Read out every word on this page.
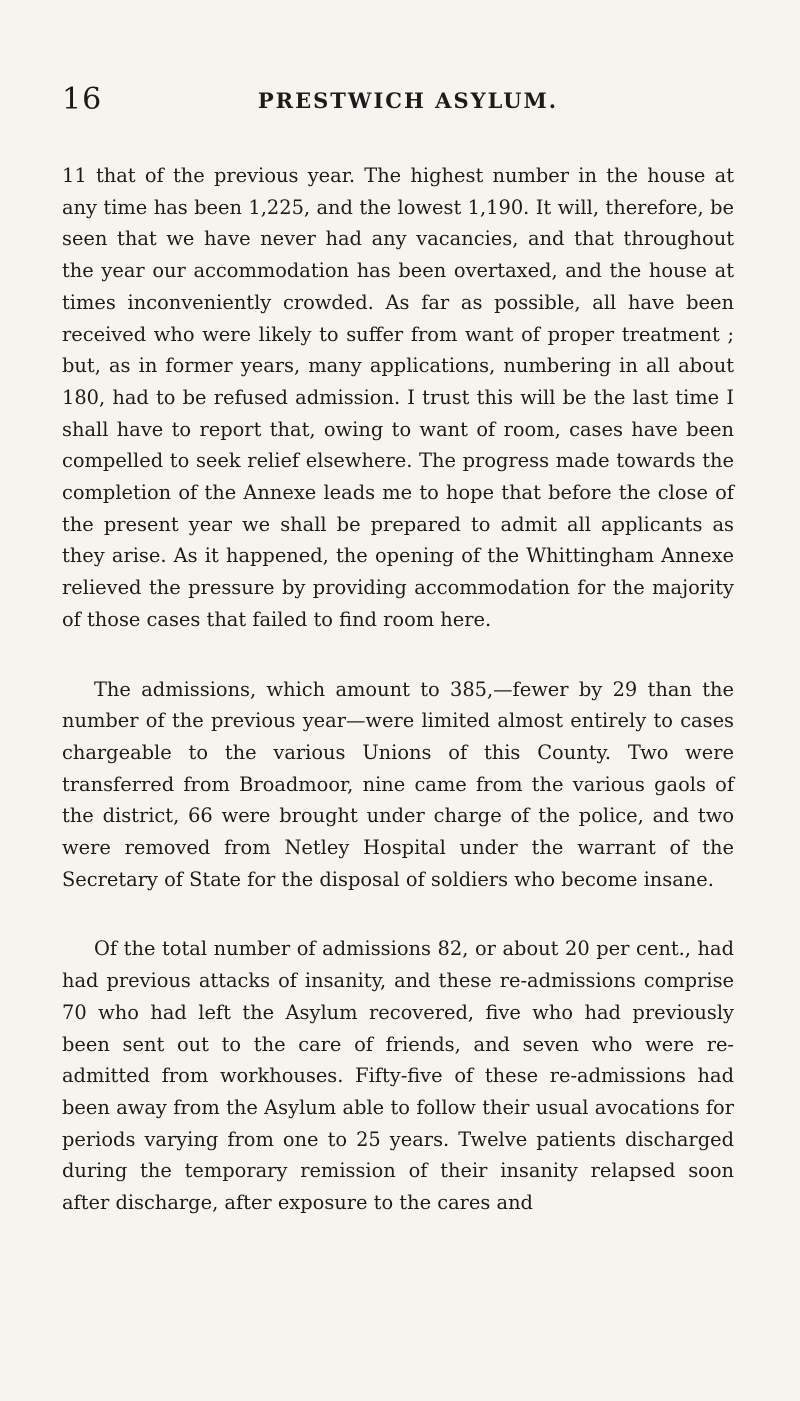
16	PRESTWICH ASYLUM.

11 that of the previous year. The highest number in the house at any time has been 1,225, and the lowest 1,190. It will, therefore, be seen that we have never had any vacancies, and that throughout the year our accommodation has been overtaxed, and the house at times inconveniently crowded. As far as possible, all have been received who were likely to suffer from want of proper treatment ; but, as in former years, many applications, numbering in all about 180, had to be refused admission. I trust this will be the last time I shall have to report that, owing to want of room, cases have been compelled to seek relief elsewhere. The progress made towards the completion of the Annexe leads me to hope that before the close of the present year we shall be prepared to admit all applicants as they arise. As it happened, the opening of the Whittingham Annexe relieved the pressure by providing accommodation for the majority of those cases that failed to find room here.

The admissions, which amount to 385,—fewer by 29 than the number of the previous year—were limited almost entirely to cases chargeable to the various Unions of this County. Two were transferred from Broadmoor, nine came from the various gaols of the district, 66 were brought under charge of the police, and two were removed from Netley Hospital under the warrant of the Secretary of State for the disposal of soldiers who become insane.

Of the total number of admissions 82, or about 20 per cent., had had previous attacks of insanity, and these re-admissions comprise 70 who had left the Asylum recovered, five who had previously been sent out to the care of friends, and seven who were re-admitted from workhouses. Fifty-five of these re-admissions had been away from the Asylum able to follow their usual avocations for periods varying from one to 25 years. Twelve patients discharged during the temporary remission of their insanity relapsed soon after discharge, after exposure to the cares and
